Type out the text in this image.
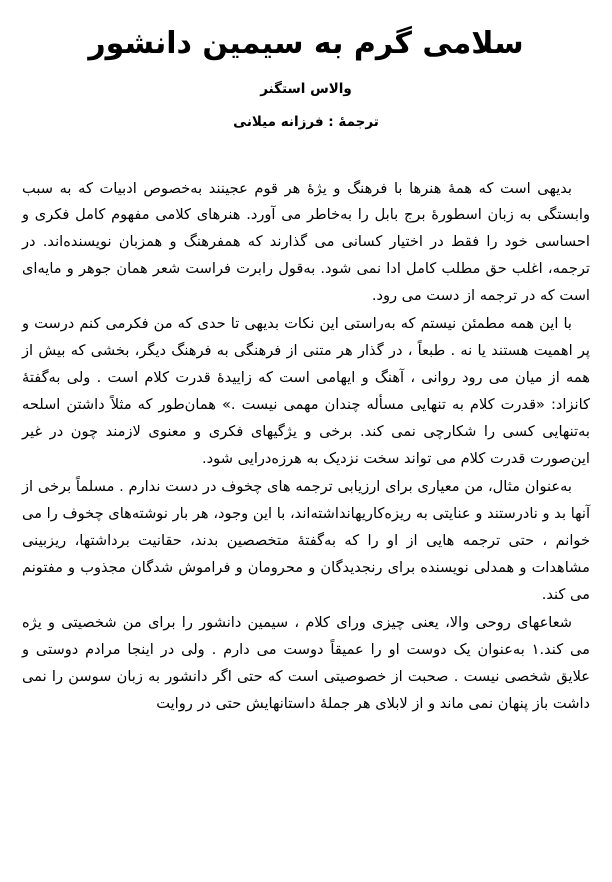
سلامی گرم به سیمین دانشور
والاس استگنر
ترجمهٔ : فرزانه میلانی

بدیهی است که همهٔ هنرها با فرهنگ و یژهٔ هر قوم عجینند به‌خصوص ادبیات که به سبب وابستگی به زبان اسطورهٔ برج بابل را به‌خاطر می آورد. هنرهای کلامی مفهوم کامل فکری و احساسی خود را فقط در اختیار کسانی می گذارند که همفرهنگ و همزبان نویسنده‌اند. در ترجمه، اغلب حق مطلب کامل ادا نمی شود. به‌قول رابرت فراست شعر همان جوهر و مایه‌ای است که در ترجمه از دست می رود.

با این همه مطمئن نیستم که به‌راستی این نکات بدیهی تا حدی که من فکرمی کنم درست و پر اهمیت هستند یا نه . طبعاً ، در گذار هر متنی از فرهنگی به فرهنگ دیگر، بخشی که بیش از همه از میان می رود روانی ، آهنگ و ایهامی است که زاییدهٔ قدرت کلام است . ولی به‌گفتهٔ کانزاد: «قدرت کلام به تنهایی مسأله چندان مهمی نیست .» همان‌طور که مثلاً داشتن اسلحه به‌تنهایی کسی را شکارچی نمی کند. برخی و یژگیهای فکری و معنوی لازمند چون در غیر این‌صورت قدرت کلام می تواند سخت نزدیک به هرزه‌درایی شود.

به‌عنوان مثال، من معیاری برای ارزیابی ترجمه های چخوف در دست ندارم . مسلماً برخی از آنها بد و نادرستند و عنایتی به ریزه‌کاریهانداشته‌اند، با این وجود، هر بار نوشته‌های چخوف را می خوانم ، حتی ترجمه هایی از او را که به‌گفتهٔ متخصصین بدند، حقانیت برداشتها، ریزبینی مشاهدات و همدلی نویسنده برای رنجدیدگان و محرومان و فراموش شدگان مجذوب و مفتونم می کند.

شعاعهای روحی والا، یعنی چیزی ورای کلام ، سیمین دانشور را برای من شخصیتی و یژه می کند.۱ به‌عنوان یک دوست او را عمیقاً دوست می دارم . ولی در اینجا مرادم دوستی و علایق شخصی نیست . صحبت از خصوصیتی است که حتی اگر دانشور به زبان سوسن را نمی داشت باز پنهان نمی ماند و از لابلای هر جملهٔ داستانهایش حتی در روایت
